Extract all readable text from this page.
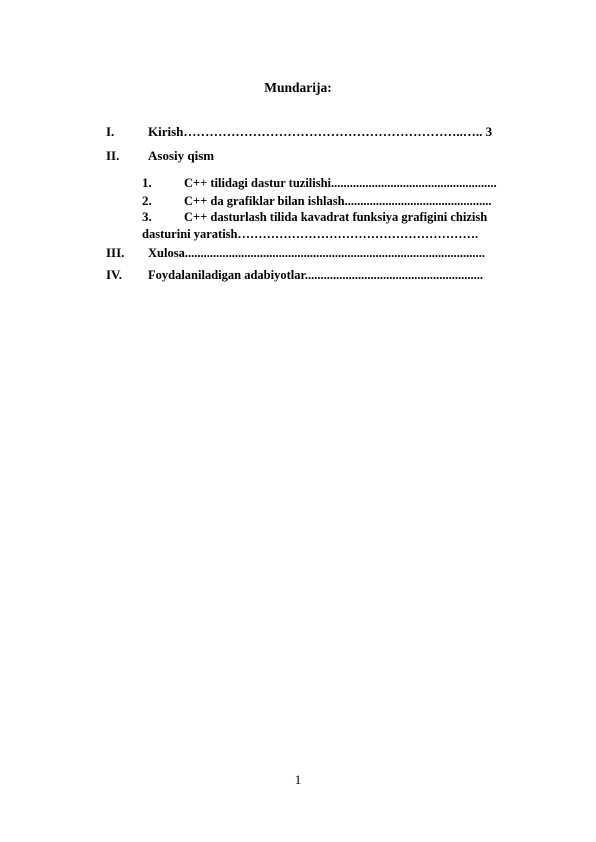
Mundarija:
I.	Kirish………………………………………………………..….. 3
II. Asosiy qism
1.	C++ tilidagi dastur tuzilishi.....................................................
2.	C++ da grafiklar bilan ishlash...............................................
3.	C++ dasturlash tilida kavadrat funksiya grafigini chizish
dasturini yaratish………………………………………………….
III. Xulosa................................................................................................
IV. Foydalaniladigan adabiyotlar.........................................................
1
